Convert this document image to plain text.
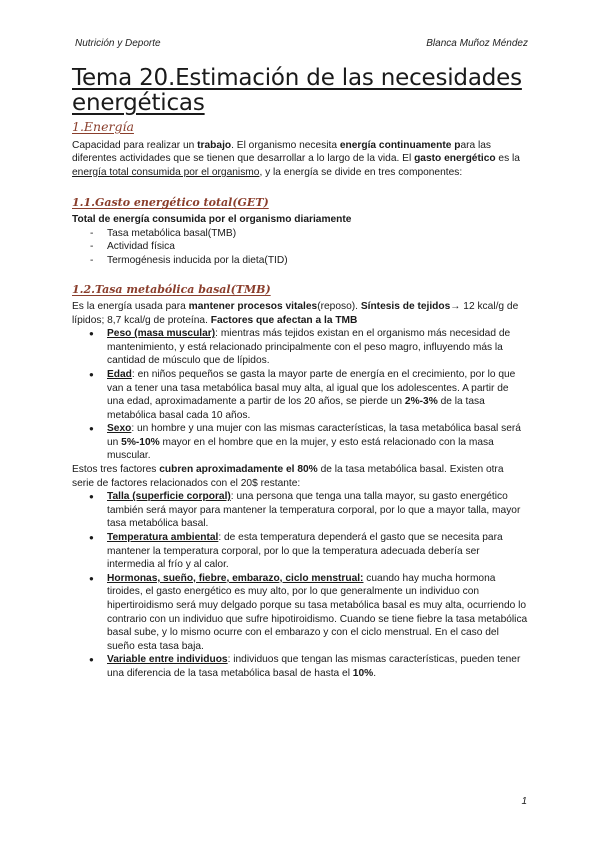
Nutrición y Deporte	Blanca Muñoz Méndez
Tema 20.Estimación de las necesidades energéticas
1.Energía

Capacidad para realizar un trabajo. El organismo necesita energía continuamente para las diferentes actividades que se tienen que desarrollar a lo largo de la vida. El gasto energético es la energía total consumida por el organismo, y la energía se divide en tres componentes:

1.1.Gasto energético total(GET)

Total de energía consumida por el organismo diariamente

- Tasa metabólica basal(TMB)
- Actividad física
- Termogénesis inducida por la dieta(TID)
1.2.Tasa metabólica basal(TMB)

Es la energía usada para mantener procesos vitales(reposo). Síntesis de tejidos→ 12 kcal/g de lípidos; 8,7 kcal/g de proteína. Factores que afectan a la TMB

● Peso (masa muscular): mientras más tejidos existan en el organismo más necesidad de mantenimiento, y está relacionado principalmente con el peso magro, influyendo más la cantidad de músculo que de lípidos.
● Edad: en niños pequeños se gasta la mayor parte de energía en el crecimiento, por lo que van a tener una tasa metabólica basal muy alta, al igual que los adolescentes. A partir de una edad, aproximadamente a partir de los 20 años, se pierde un 2%-3% de la tasa metabólica basal cada 10 años.
● Sexo: un hombre y una mujer con las mismas características, la tasa metabólica basal será un 5%-10% mayor en el hombre que en la mujer, y esto está relacionado con la masa muscular.

Estos tres factores cubren aproximadamente el 80% de la tasa metabólica basal. Existen otra serie de factores relacionados con el 20$ restante:

● Talla (superficie corporal): una persona que tenga una talla mayor, su gasto energético también será mayor para mantener la temperatura corporal, por lo que a mayor talla, mayor tasa metabólica basal.
● Temperatura ambiental: de esta temperatura dependerá el gasto que se necesita para mantener la temperatura corporal, por lo que la temperatura adecuada debería ser intermedia al frío y al calor.
● Hormonas, sueño, fiebre, embarazo, ciclo menstrual: cuando hay mucha hormona tiroides, el gasto energético es muy alto, por lo que generalmente un individuo con hipertiroidismo será muy delgado porque su tasa metabólica basal es muy alta, ocurriendo lo contrario con un individuo que sufre hipotiroidismo. Cuando se tiene fiebre la tasa metabólica basal sube, y lo mismo ocurre con el embarazo y con el ciclo menstrual. En el caso del sueño esta tasa baja.
● Variable entre individuos: individuos que tengan las mismas características, pueden tener una diferencia de la tasa metabólica basal de hasta el 10%.
1
